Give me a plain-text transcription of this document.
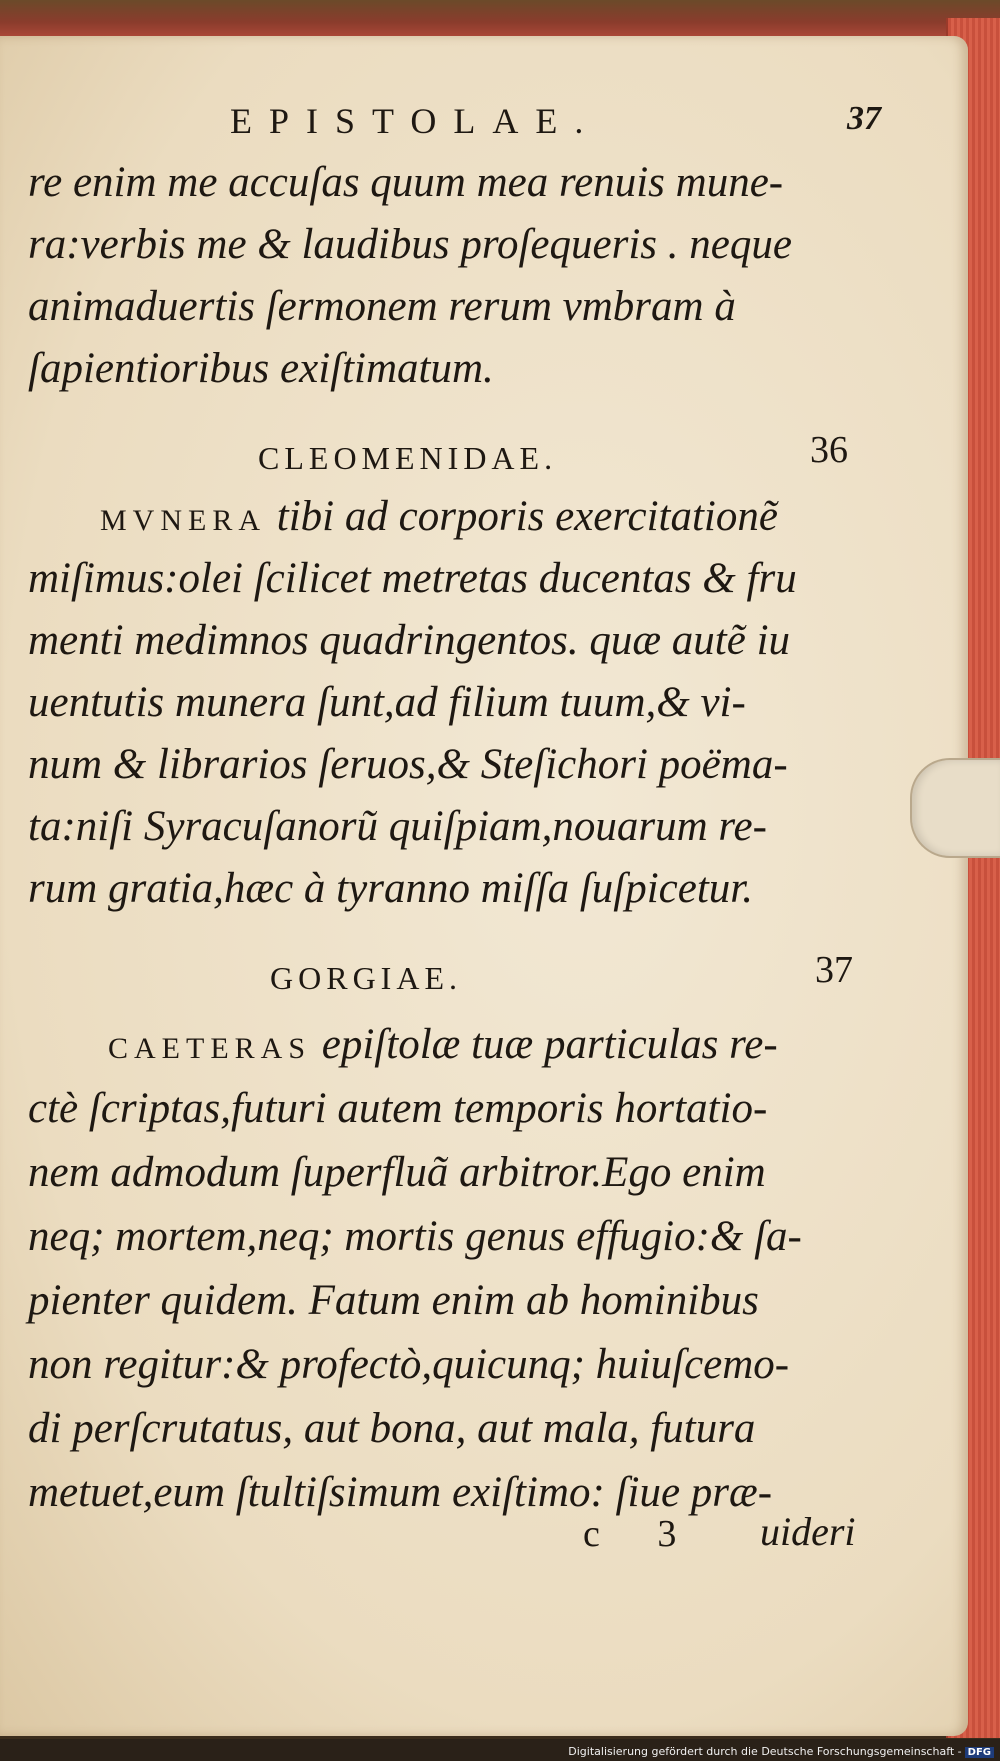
EPISTOLAE.	37
re enim me accuſas quum mea renuis mune-
ra:verbis me & laudibus proſequeris . neque
animaduertis ſermonem rerum vmbram à
ſapientioribus exiſtimatum.
CLEOMENIDAE.	36
MVNERA tibi ad corporis exercitationẽ
miſimus:olei ſcilicet metretas ducentas & fru
menti medimnos quadringentos. quæ autẽ iu
uentutis munera ſunt,ad filium tuum,& vi-
num & librarios ſeruos,& Steſichori poëma-
ta:niſi Syracuſanorũ quiſpiam,nouarum re-
rum gratia,hæc à tyranno miſſa ſuſpicetur.
GORGIAE.	37
CAETERAS epiſtolæ tuæ particulas re-
ctè ſcriptas,futuri autem temporis hortatio-
nem admodum ſuperfluã arbitror.Ego enim
neq; mortem,neq; mortis genus effugio:& ſa-
pienter quidem. Fatum enim ab hominibus
non regitur:& profectò,quicunq; huiuſcemo-
di perſcrutatus, aut bona, aut mala, futura
metuet,eum ſtultiſsimum exiſtimo: ſiue præ-
c 3 uideri
Digitalisierung gefördert durch die Deutsche Forschungsgemeinschaft - DFG
